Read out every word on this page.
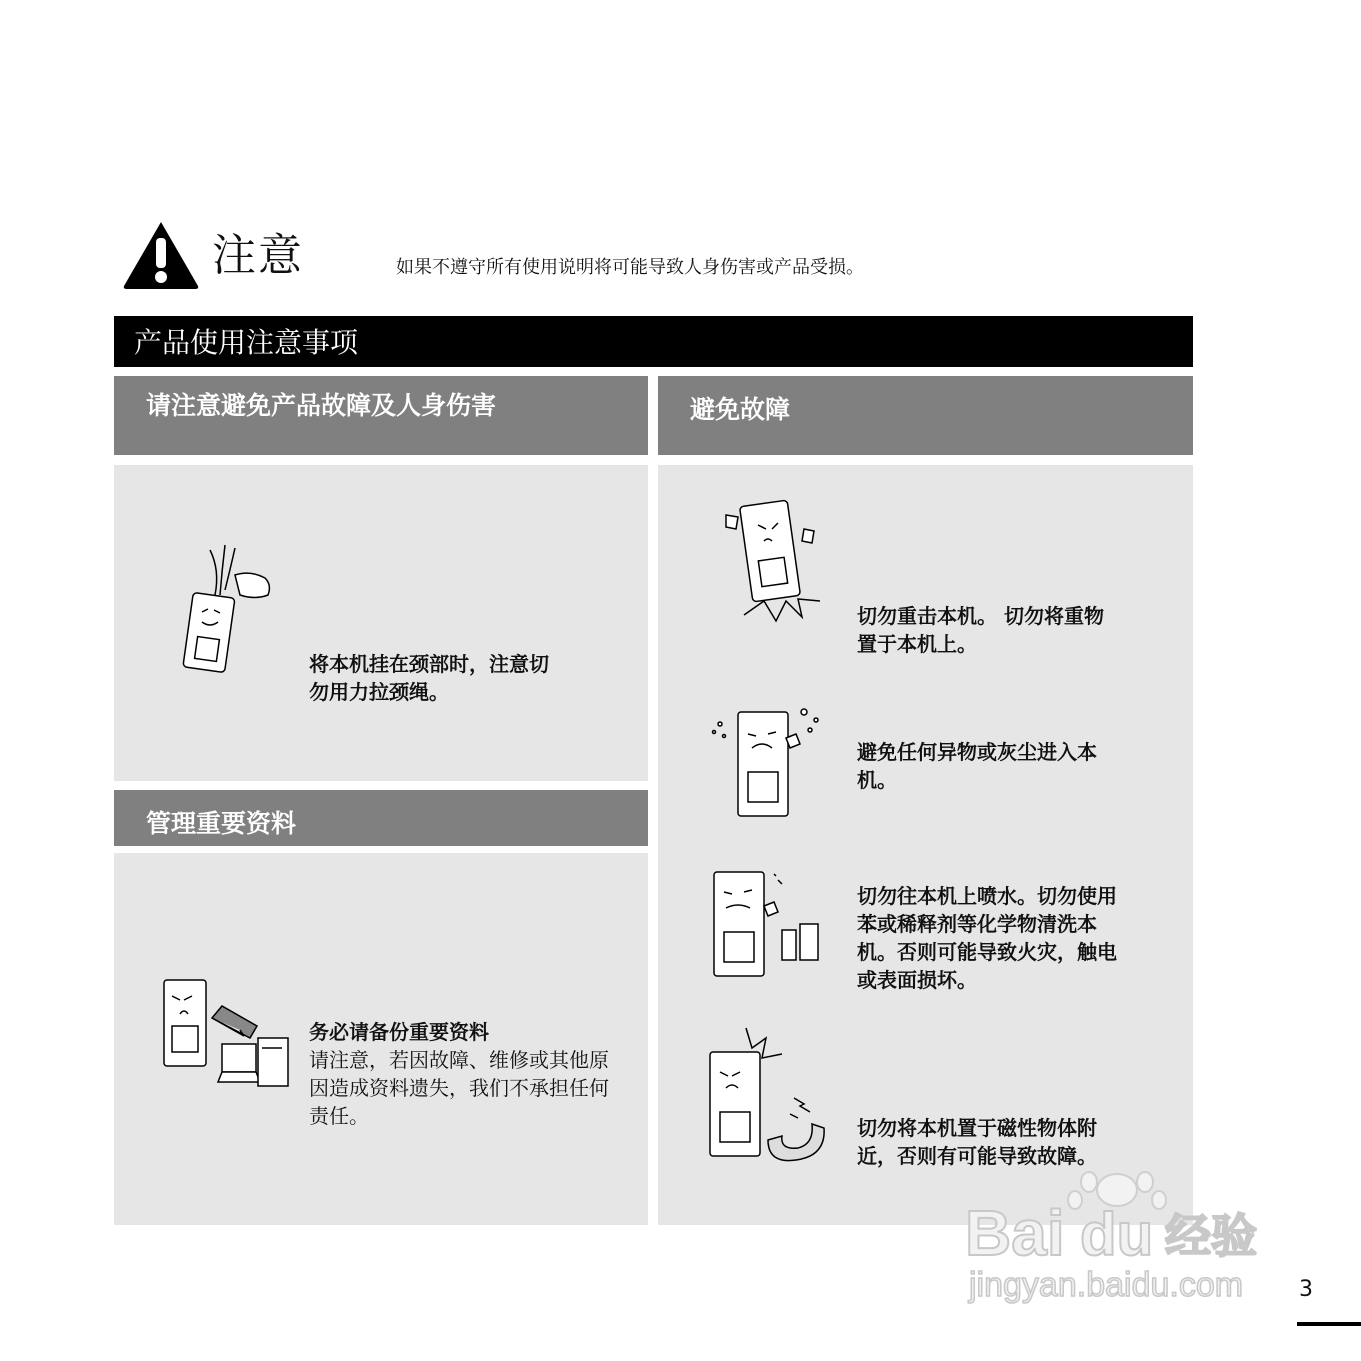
注意	如果不遵守所有使用说明将可能导致人身伤害或产品受损。
产品使用注意事项
请注意避免产品故障及人身伤害
将本机挂在颈部时，注意切
勿用力拉颈绳。
管理重要资料
务必请备份重要资料
请注意，若因故障、维修或其他原
因造成资料遗失，我们不承担任何
责任。
避免故障
切勿重击本机。 切勿将重物
置于本机上。
避免任何异物或灰尘进入本
机。
切勿往本机上喷水。切勿使用
苯或稀释剂等化学物清洗本
机。否则可能导致火灾，触电
或表面损坏。
切勿将本机置于磁性物体附
近，否则有可能导致故障。
Bai du 经验
jingyan.baidu.com	3
